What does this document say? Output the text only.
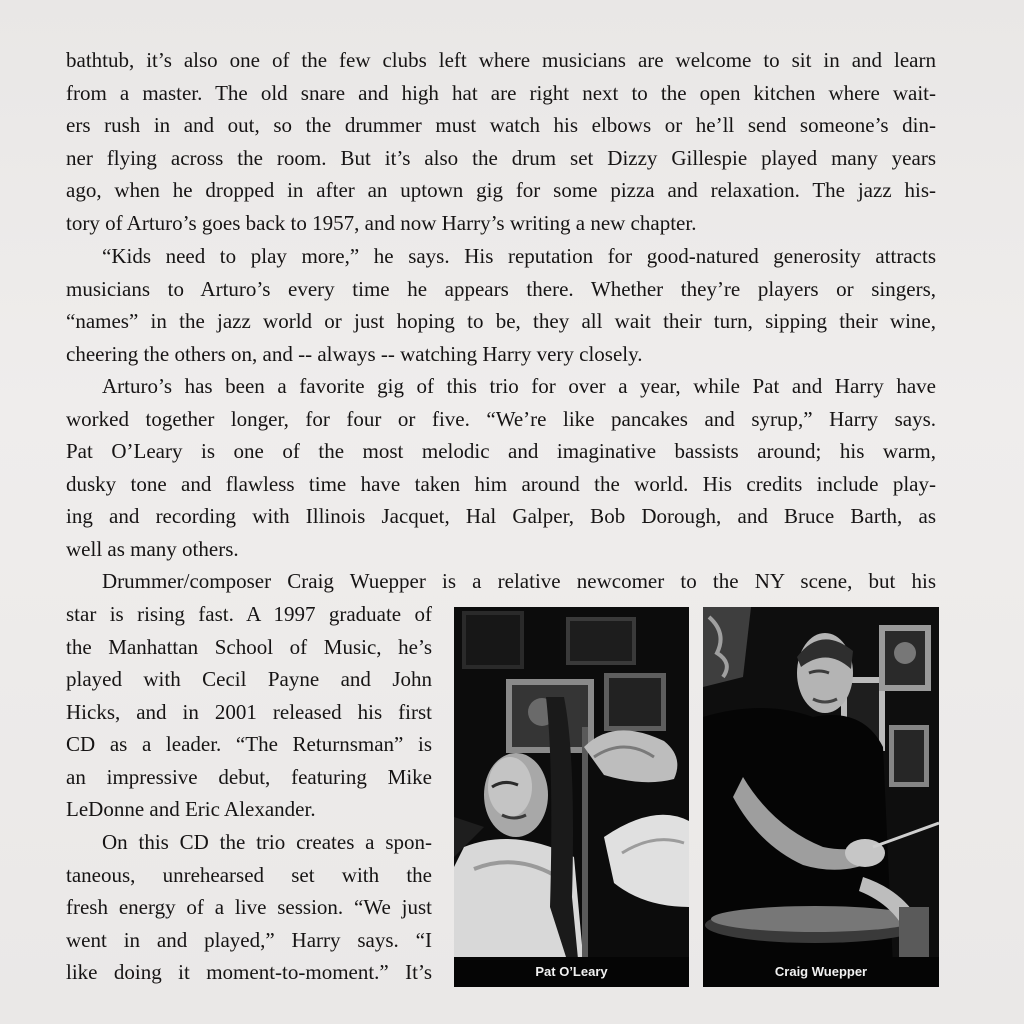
bathtub, it’s also one of the few clubs left where musicians are welcome to sit in and learn
from a master. The old snare and high hat are right next to the open kitchen where wait-
ers rush in and out, so the drummer must watch his elbows or he’ll send someone’s din-
ner flying across the room. But it’s also the drum set Dizzy Gillespie played many years
ago, when he dropped in after an uptown gig for some pizza and relaxation. The jazz his-
tory of Arturo’s goes back to 1957, and now Harry’s writing a new chapter.
“Kids need to play more,” he says. His reputation for good-natured generosity attracts
musicians to Arturo’s every time he appears there. Whether they’re players or singers,
“names” in the jazz world or just hoping to be, they all wait their turn, sipping their wine,
cheering the others on, and -- always -- watching Harry very closely.
Arturo’s has been a favorite gig of this trio for over a year, while Pat and Harry have
worked together longer, for four or five. “We’re like pancakes and syrup,” Harry says.
Pat O’Leary is one of the most melodic and imaginative bassists around; his warm,
dusky tone and flawless time have taken him around the world. His credits include play-
ing and recording with Illinois Jacquet, Hal Galper, Bob Dorough, and Bruce Barth, as
well as many others.
Drummer/composer Craig Wuepper is a relative newcomer to the NY scene, but his
star is rising fast. A 1997 graduate of
the Manhattan School of Music, he’s
played with Cecil Payne and John
Hicks, and in 2001 released his first
CD as a leader. “The Returnsman” is
an impressive debut, featuring Mike
LeDonne and Eric Alexander.
On this CD the trio creates a spon-
taneous, unrehearsed set with the
fresh energy of a live session. “We just
went in and played,” Harry says. “I
like doing it moment-to-moment.” It’s	Pat O’Leary	Craig Wuepper
